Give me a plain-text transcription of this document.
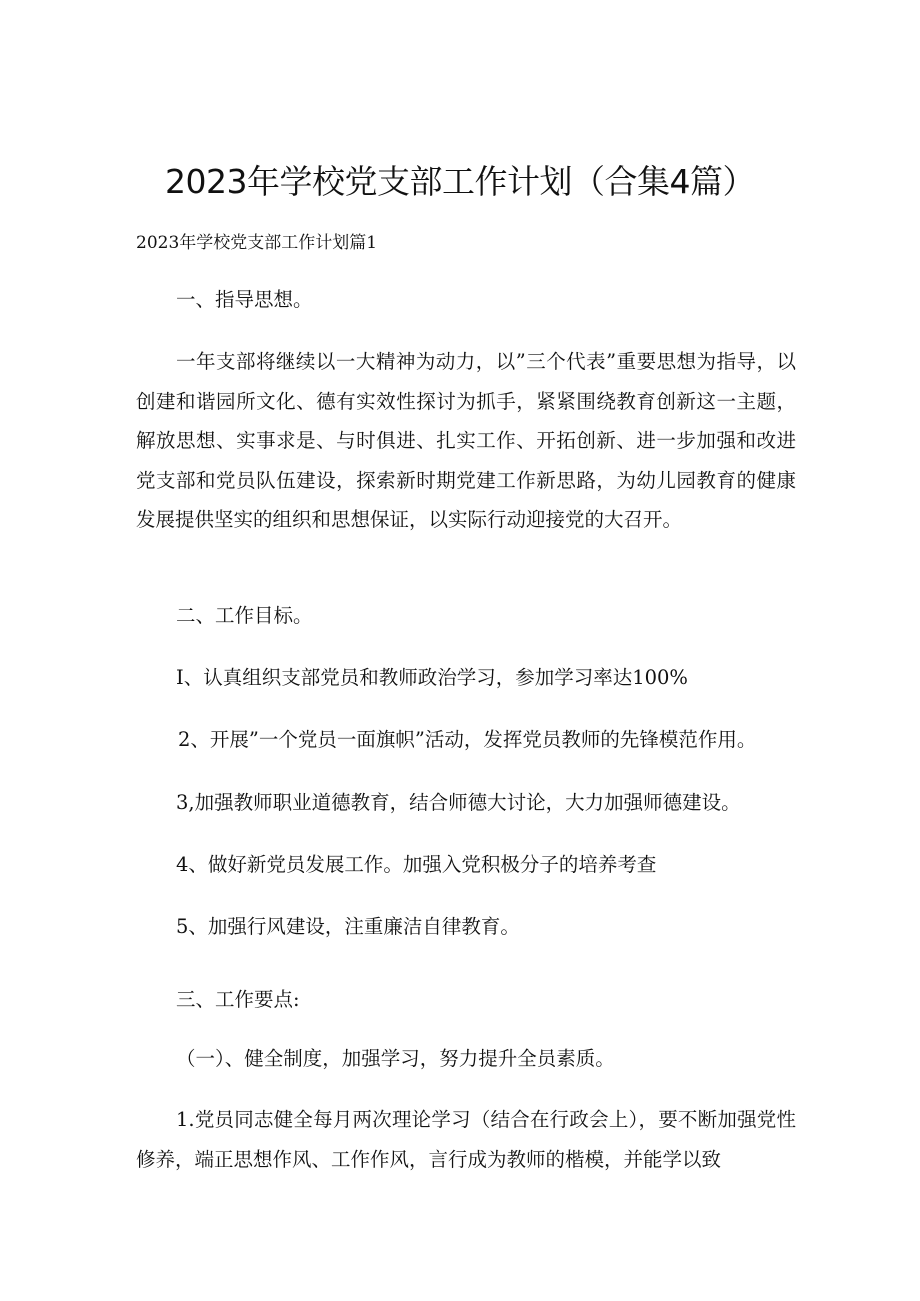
2023年学校党支部工作计划（合集4篇）
2023年学校党支部工作计划篇1

一、指导思想。

一年支部将继续以一大精神为动力，以”三个代表”重要思想为指导，以创建和谐园所文化、德有实效性探讨为抓手，紧紧围绕教育创新这一主题，解放思想、实事求是、与时俱进、扎实工作、开拓创新、进一步加强和改进党支部和党员队伍建设，探索新时期党建工作新思路，为幼儿园教育的健康发展提供坚实的组织和思想保证，以实际行动迎接党的大召开。

二、工作目标。

I、认真组织支部党员和教师政治学习，参加学习率达100%

2、开展”一个党员一面旗帜”活动，发挥党员教师的先锋模范作用。

3,加强教师职业道德教育，结合师德大讨论，大力加强师德建设。

4、做好新党员发展工作。加强入党积极分子的培养考查

5、加强行风建设，注重廉洁自律教育。

三、工作要点:

（一）、健全制度，加强学习，努力提升全员素质。

1.党员同志健全每月两次理论学习（结合在行政会上），要不断加强党性修养，端正思想作风、工作作风，言行成为教师的楷模，并能学以致
